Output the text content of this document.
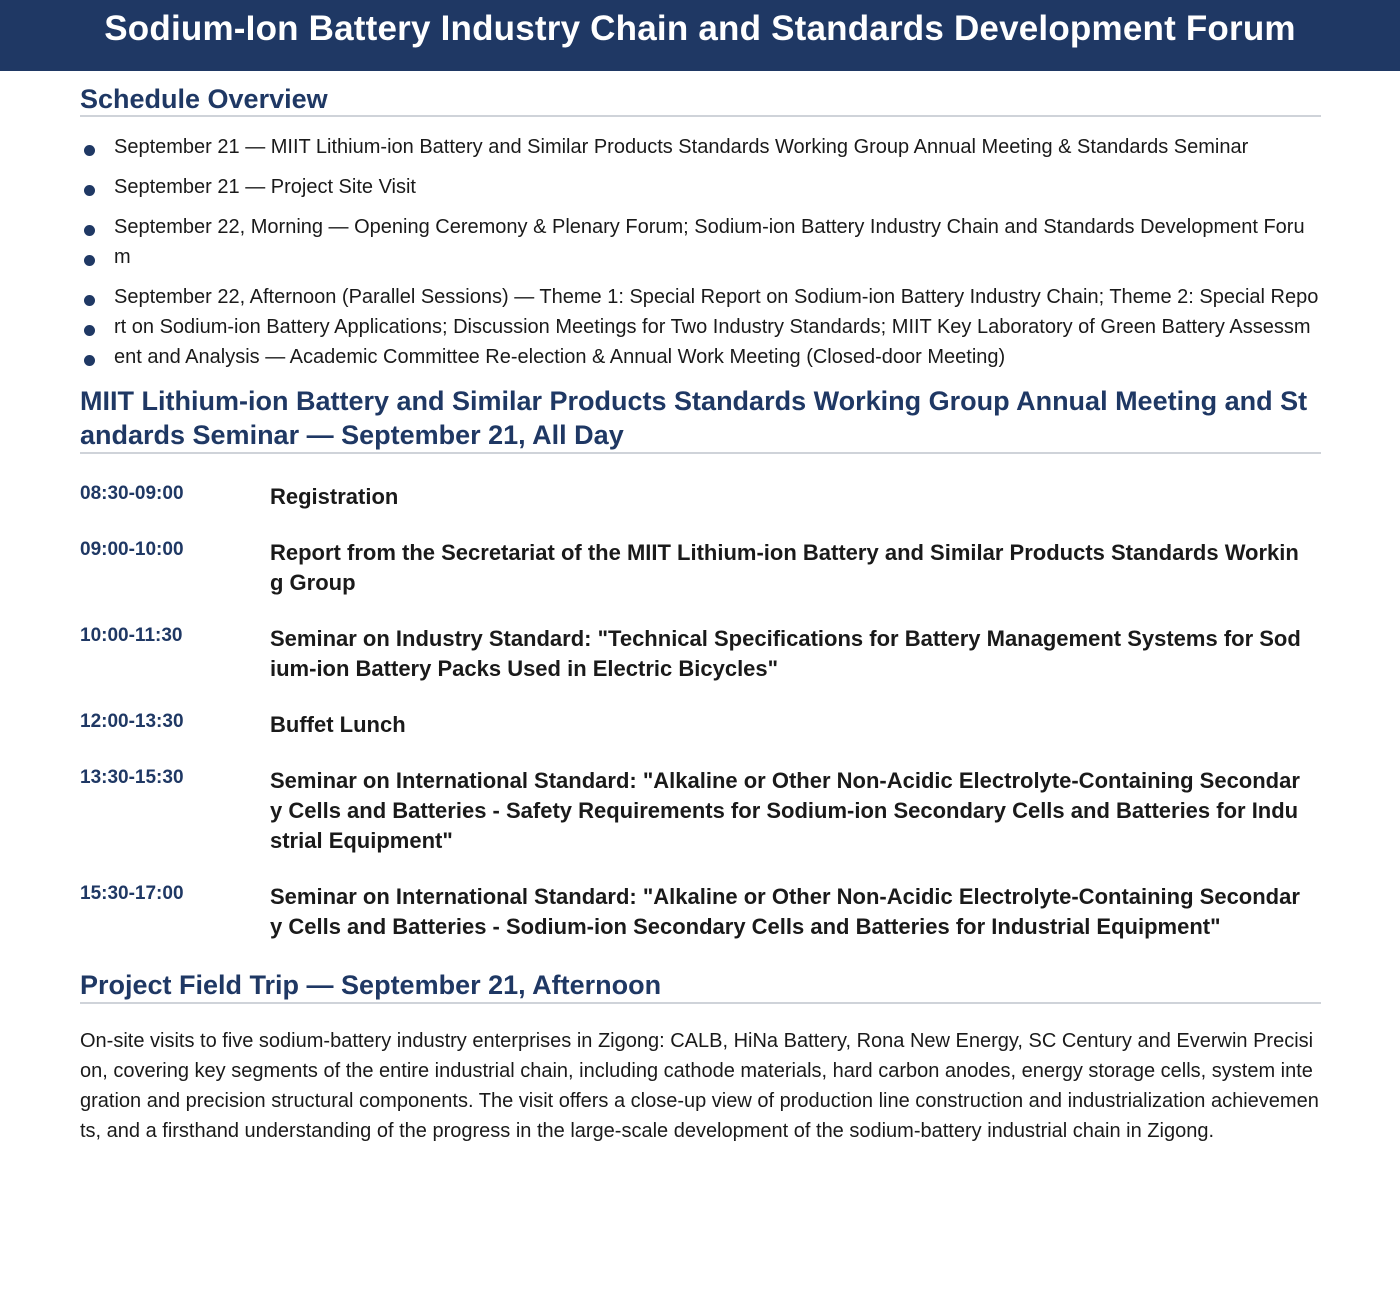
Sodium-Ion Battery Industry Chain and Standards Development Forum
Schedule Overview
September 21 — MIIT Lithium-ion Battery and Similar Products Standards Working Group Annual Meeting & Standards Seminar
September 21 — Project Site Visit
September 22, Morning — Opening Ceremony & Plenary Forum; Sodium-ion Battery Industry Chain and Standards Development Forum
September 22, Afternoon (Parallel Sessions) — Theme 1: Special Report on Sodium-ion Battery Industry Chain; Theme 2: Special Report on Sodium-ion Battery Applications; Discussion Meetings for Two Industry Standards; MIIT Key Laboratory of Green Battery Assessment and Analysis — Academic Committee Re-election & Annual Work Meeting (Closed-door Meeting)
MIIT Lithium-ion Battery and Similar Products Standards Working Group Annual Meeting and Standards Seminar — September 21, All Day
08:30-09:00	Registration
09:00-10:00	Report from the Secretariat of the MIIT Lithium-ion Battery and Similar Products Standards Working Group
10:00-11:30	Seminar on Industry Standard: "Technical Specifications for Battery Management Systems for Sodium-ion Battery Packs Used in Electric Bicycles"
12:00-13:30	Buffet Lunch
13:30-15:30	Seminar on International Standard: "Alkaline or Other Non-Acidic Electrolyte-Containing Secondary Cells and Batteries - Safety Requirements for Sodium-ion Secondary Cells and Batteries for Industrial Equipment"
15:30-17:00	Seminar on International Standard: "Alkaline or Other Non-Acidic Electrolyte-Containing Secondary Cells and Batteries - Sodium-ion Secondary Cells and Batteries for Industrial Equipment"
Project Field Trip — September 21, Afternoon

On-site visits to five sodium-battery industry enterprises in Zigong: CALB, HiNa Battery, Rona New Energy, SC Century and Everwin Precision, covering key segments of the entire industrial chain, including cathode materials, hard carbon anodes, energy storage cells, system integration and precision structural components. The visit offers a close-up view of production line construction and industrialization achievements, and a firsthand understanding of the progress in the large-scale development of the sodium-battery industrial chain in Zigong.
